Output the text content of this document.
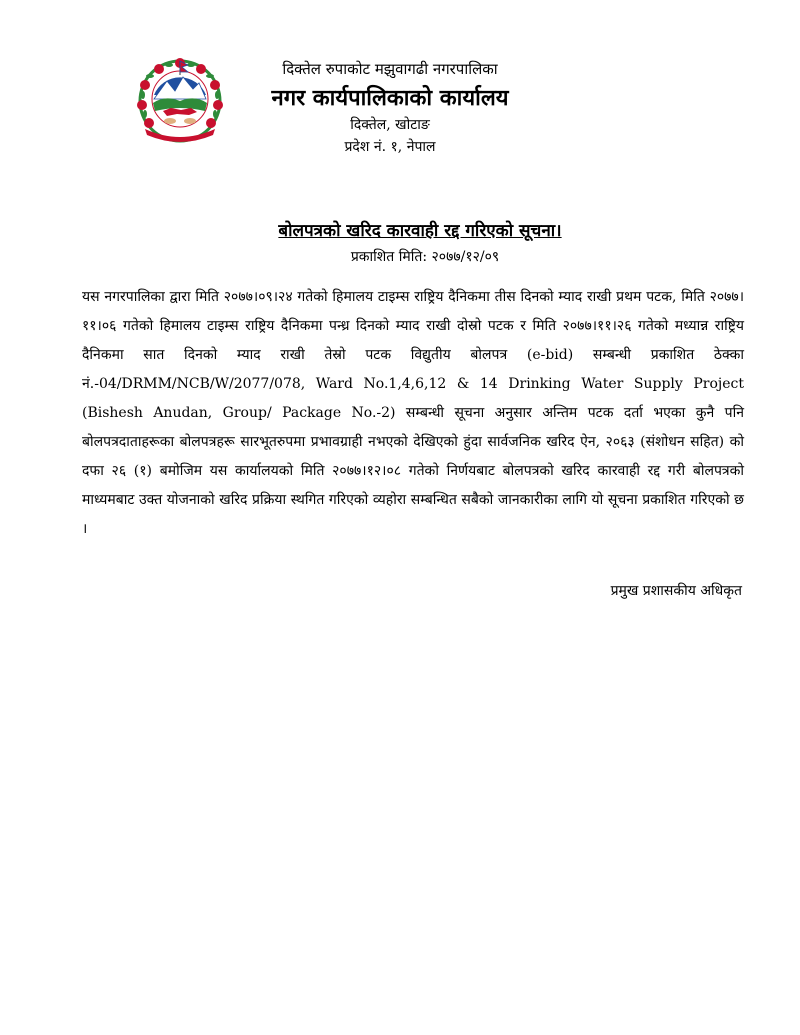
दिक्तेल रुपाकोट मझुवागढी नगरपालिका
नगर कार्यपालिकाको कार्यालय
दिक्तेल, खोटाङ
प्रदेश नं. १, नेपाल
बोलपत्रको खरिद कारवाही रद्द गरिएको सूचना।
प्रकाशित मिति: २०७७/१२/०९
यस नगरपालिका द्वारा मिति २०७७।०९।२४ गतेको हिमालय टाइम्स राष्ट्रिय दैनिकमा तीस दिनको म्याद राखी प्रथम पटक, मिति २०७७।११।०६ गतेको हिमालय टाइम्स राष्ट्रिय दैनिकमा पन्ध्र दिनको म्याद राखी दोस्रो पटक र मिति २०७७।११।२६ गतेको मध्यान्न राष्ट्रिय दैनिकमा सात दिनको म्याद राखी तेस्रो पटक विद्युतीय बोलपत्र (e-bid) सम्बन्धी प्रकाशित ठेक्का नं.-04/DRMM/NCB/W/2077/078, Ward No.1,4,6,12 & 14 Drinking Water Supply Project (Bishesh Anudan, Group/ Package No.-2) सम्बन्धी सूचना अनुसार अन्तिम पटक दर्ता भएका कुनै पनि बोलपत्रदाताहरूका बोलपत्रहरू सारभूतरुपमा प्रभावग्राही नभएको देखिएको हुंदा सार्वजनिक खरिद ऐन, २०६३ (संशोधन सहित) को दफा २६ (१) बमोजिम यस कार्यालयको मिति २०७७।१२।०८ गतेको निर्णयबाट बोलपत्रको खरिद कारवाही रद्द गरी बोलपत्रको माध्यमबाट उक्त योजनाको खरिद प्रक्रिया स्थगित गरिएको व्यहोरा सम्बन्धित सबैको जानकारीका लागि यो सूचना प्रकाशित गरिएको छ ।
प्रमुख प्रशासकीय अधिकृत
